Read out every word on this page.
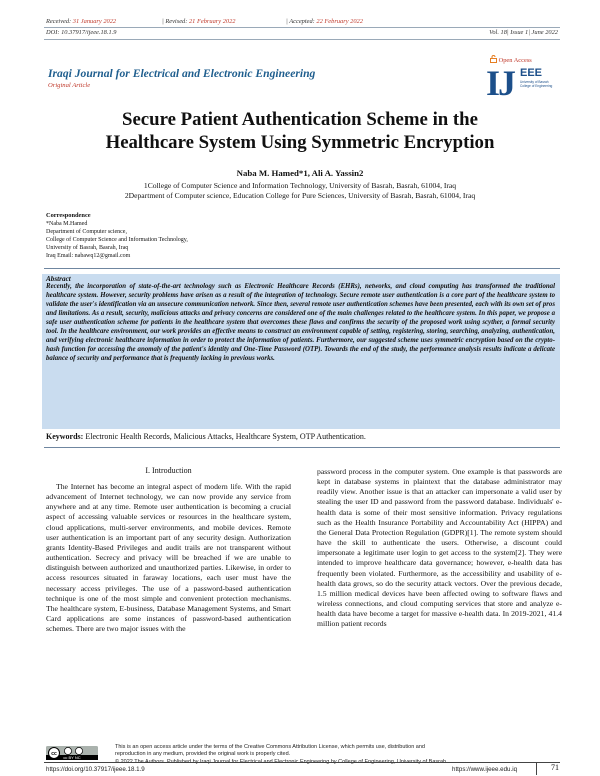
Received: 31 January 2022	| Revised: 21 February 2022	| Accepted: 22 February 2022
DOI: 10.37917/ijeee.18.1.9	Vol. 18| Issue 1| June 2022
Iraqi Journal for Electrical and Electronic Engineering
Original Article
Open Access
IJ EEE
University of Basrah College of Engineering
Secure Patient Authentication Scheme in the
Healthcare System Using Symmetric Encryption
Naba M. Hamed*1, Ali A. Yassin2
1College of Computer Science and Information Technology, University of Basrah, Basrah, 61004, Iraq
2Department of Computer science, Education College for Pure Sciences, University of Basrah, Basrah, 61004, Iraq
Correspondence
*Naba M.Hamed
Department of Computer science,
College of Computer Science and Information Technology,
University of Basrah, Basrah, Iraq
Iraq Email: nabawq12@gmail.com
Abstract
Recently, the incorporation of state-of-the-art technology such as Electronic Healthcare Records (EHRs), networks, and cloud computing has transformed the traditional healthcare system. However, security problems have arisen as a result of the integration of technology. Secure remote user authentication is a core part of the healthcare system to validate the user's identification via an unsecure communication network. Since then, several remote user authentication schemes have been presented, each with its own set of pros and limitations. As a result, security, malicious attacks and privacy concerns are considered one of the main challenges related to the healthcare system. In this paper, we propose a safe user authentication scheme for patients in the healthcare system that overcomes these flaws and confirms the security of the proposed work using scyther, a formal security tool. In the healthcare environment, our work provides an effective means to construct an environment capable of setting, registering, storing, searching, analyzing, authentication, and verifying electronic healthcare information in order to protect the information of patients. Furthermore, our suggested scheme uses symmetric encryption based on the crypto-hash function for accessing the anomaly of the patient's identity and One-Time Password (OTP). Towards the end of the study, the performance analysis results indicate a delicate balance of security and performance that is frequently lacking in previous works.
Keywords: Electronic Health Records, Malicious Attacks, Healthcare System, OTP Authentication.
I. Introduction

The Internet has become an integral aspect of modern life. With the rapid advancement of Internet technology, we can now provide any service from anywhere and at any time. Remote user authentication is becoming a crucial aspect of accessing valuable services or resources in the healthcare system, cloud applications, multi-server environments, and mobile devices. Remote user authentication is an important part of any security design. Authorization grants Identity-Based Privileges and audit trails are not transparent without authentication. Secrecy and privacy will be breached if we are unable to distinguish between authorized and unauthorized parties. Likewise, in order to access resources situated in faraway locations, each user must have the necessary access privileges. The use of a password-based authentication technique is one of the most simple and convenient protection mechanisms. The healthcare system, E-business, Database Management Systems, and Smart Card applications are some instances of password-based authentication schemes. There are two major issues with the

password process in the computer system. One example is that passwords are kept in database systems in plaintext that the database administrator may readily view. Another issue is that an attacker can impersonate a valid user by stealing the user ID and password from the password database. Individuals' e-health data is some of their most sensitive information. Privacy regulations such as the Health Insurance Portability and Accountability Act (HIPPA) and the General Data Protection Regulation (GDPR)[1]. The remote system should have the skill to authenticate the users. Otherwise, a discount could impersonate a legitimate user login to get access to the system[2]. They were intended to improve healthcare data governance; however, e-health data has frequently been violated. Furthermore, as the accessibility and usability of e-health data grows, so do the security attack vectors. Over the previous decade, 1.5 million medical devices have been affected owing to software flaws and wireless connections, and cloud computing services that store and analyze e-health data have become a target for massive e-health data. In 2019-2021, 41.4 million patient records

cc
cc BY NC
This is an open access article under the terms of the Creative Commons Attribution License, which permits use, distribution and
reproduction in any medium, provided the original work is properly cited.
https://doi.org/10.37917/ijeee.18.1.9	https://www.ijeee.edu.iq	71
